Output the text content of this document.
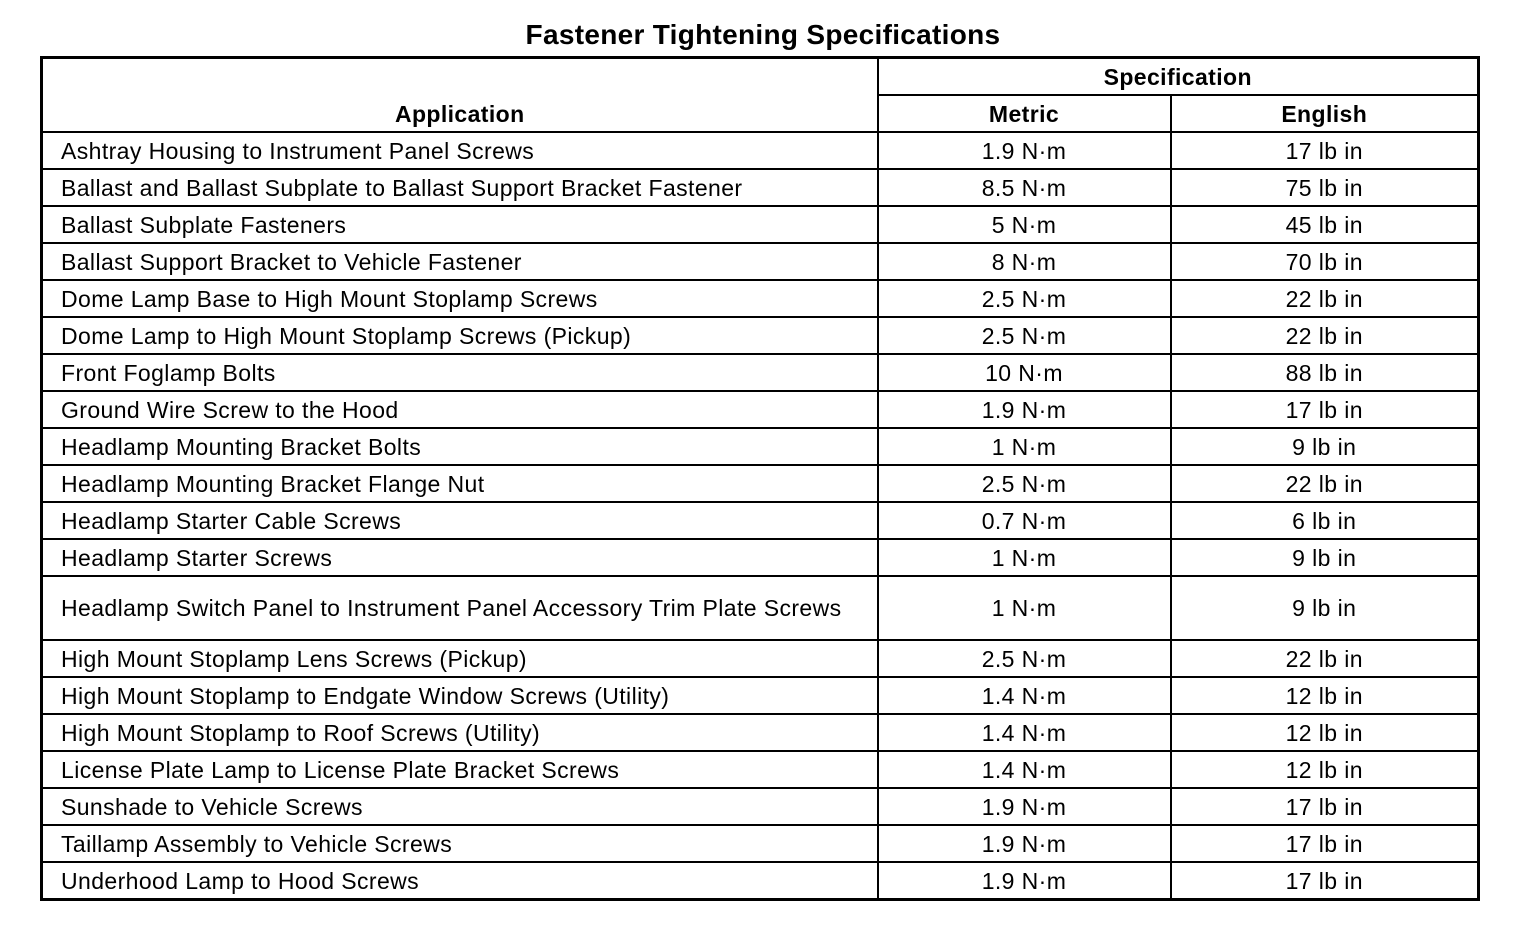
Fastener Tightening Specifications
Application	Specification	
	Metric	English
Ashtray Housing to Instrument Panel Screws	1.9 N·m	17 lb in
Ballast and Ballast Subplate to Ballast Support Bracket Fastener	8.5 N·m	75 lb in
Ballast Subplate Fasteners	5 N·m	45 lb in
Ballast Support Bracket to Vehicle Fastener	8 N·m	70 lb in
Dome Lamp Base to High Mount Stoplamp Screws	2.5 N·m	22 lb in
Dome Lamp to High Mount Stoplamp Screws (Pickup)	2.5 N·m	22 lb in
Front Foglamp Bolts	10 N·m	88 lb in
Ground Wire Screw to the Hood	1.9 N·m	17 lb in
Headlamp Mounting Bracket Bolts	1 N·m	9 lb in
Headlamp Mounting Bracket Flange Nut	2.5 N·m	22 lb in
Headlamp Starter Cable Screws	0.7 N·m	6 lb in
Headlamp Starter Screws	1 N·m	9 lb in
Headlamp Switch Panel to Instrument Panel Accessory Trim Plate Screws	1 N·m	9 lb in
High Mount Stoplamp Lens Screws (Pickup)	2.5 N·m	22 lb in
High Mount Stoplamp to Endgate Window Screws (Utility)	1.4 N·m	12 lb in
High Mount Stoplamp to Roof Screws (Utility)	1.4 N·m	12 lb in
License Plate Lamp to License Plate Bracket Screws	1.4 N·m	12 lb in
Sunshade to Vehicle Screws	1.9 N·m	17 lb in
Taillamp Assembly to Vehicle Screws	1.9 N·m	17 lb in
Underhood Lamp to Hood Screws	1.9 N·m	17 lb in
